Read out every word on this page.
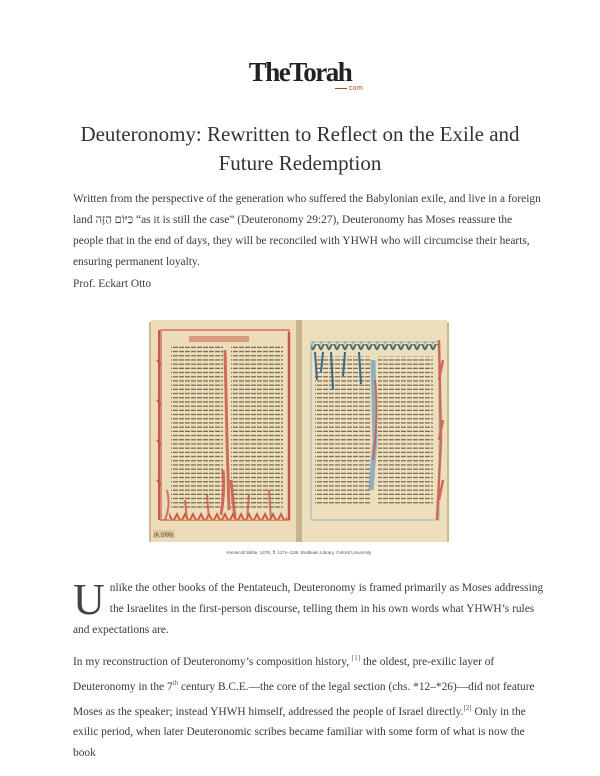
TheTorah
com
Deuteronomy: Rewritten to Reflect on the Exile and Future Redemption

Written from the perspective of the generation who suffered the Babylonian exile, and live in a foreign land כַּיּוֹם הַזֶּה “as it is still the case” (Deuteronomy 29:27), Deuteronomy has Moses reassure the people that in the end of days, they will be reconciled with YHWH who will circumcise their hearts, ensuring permanent loyalty.

Prof. Eckart Otto

(K.1990)
Kennicott Bible, 1476, ff. 117v–118r. Bodleian Library, Oxford University

Unlike the other books of the Pentateuch, Deuteronomy is framed primarily as Moses addressing the Israelites in the first-person discourse, telling them in his own words what YHWH’s rules and expectations are.

In my reconstruction of Deuteronomy’s composition history, [1] the oldest, pre-exilic layer of Deuteronomy in the 7th century B.C.E.—the core of the legal section (chs. *12–*26)—did not feature Moses as the speaker; instead YHWH himself, addressed the people of Israel directly.[2] Only in the exilic period, when later Deuteronomic scribes became familiar with some form of what is now the book
